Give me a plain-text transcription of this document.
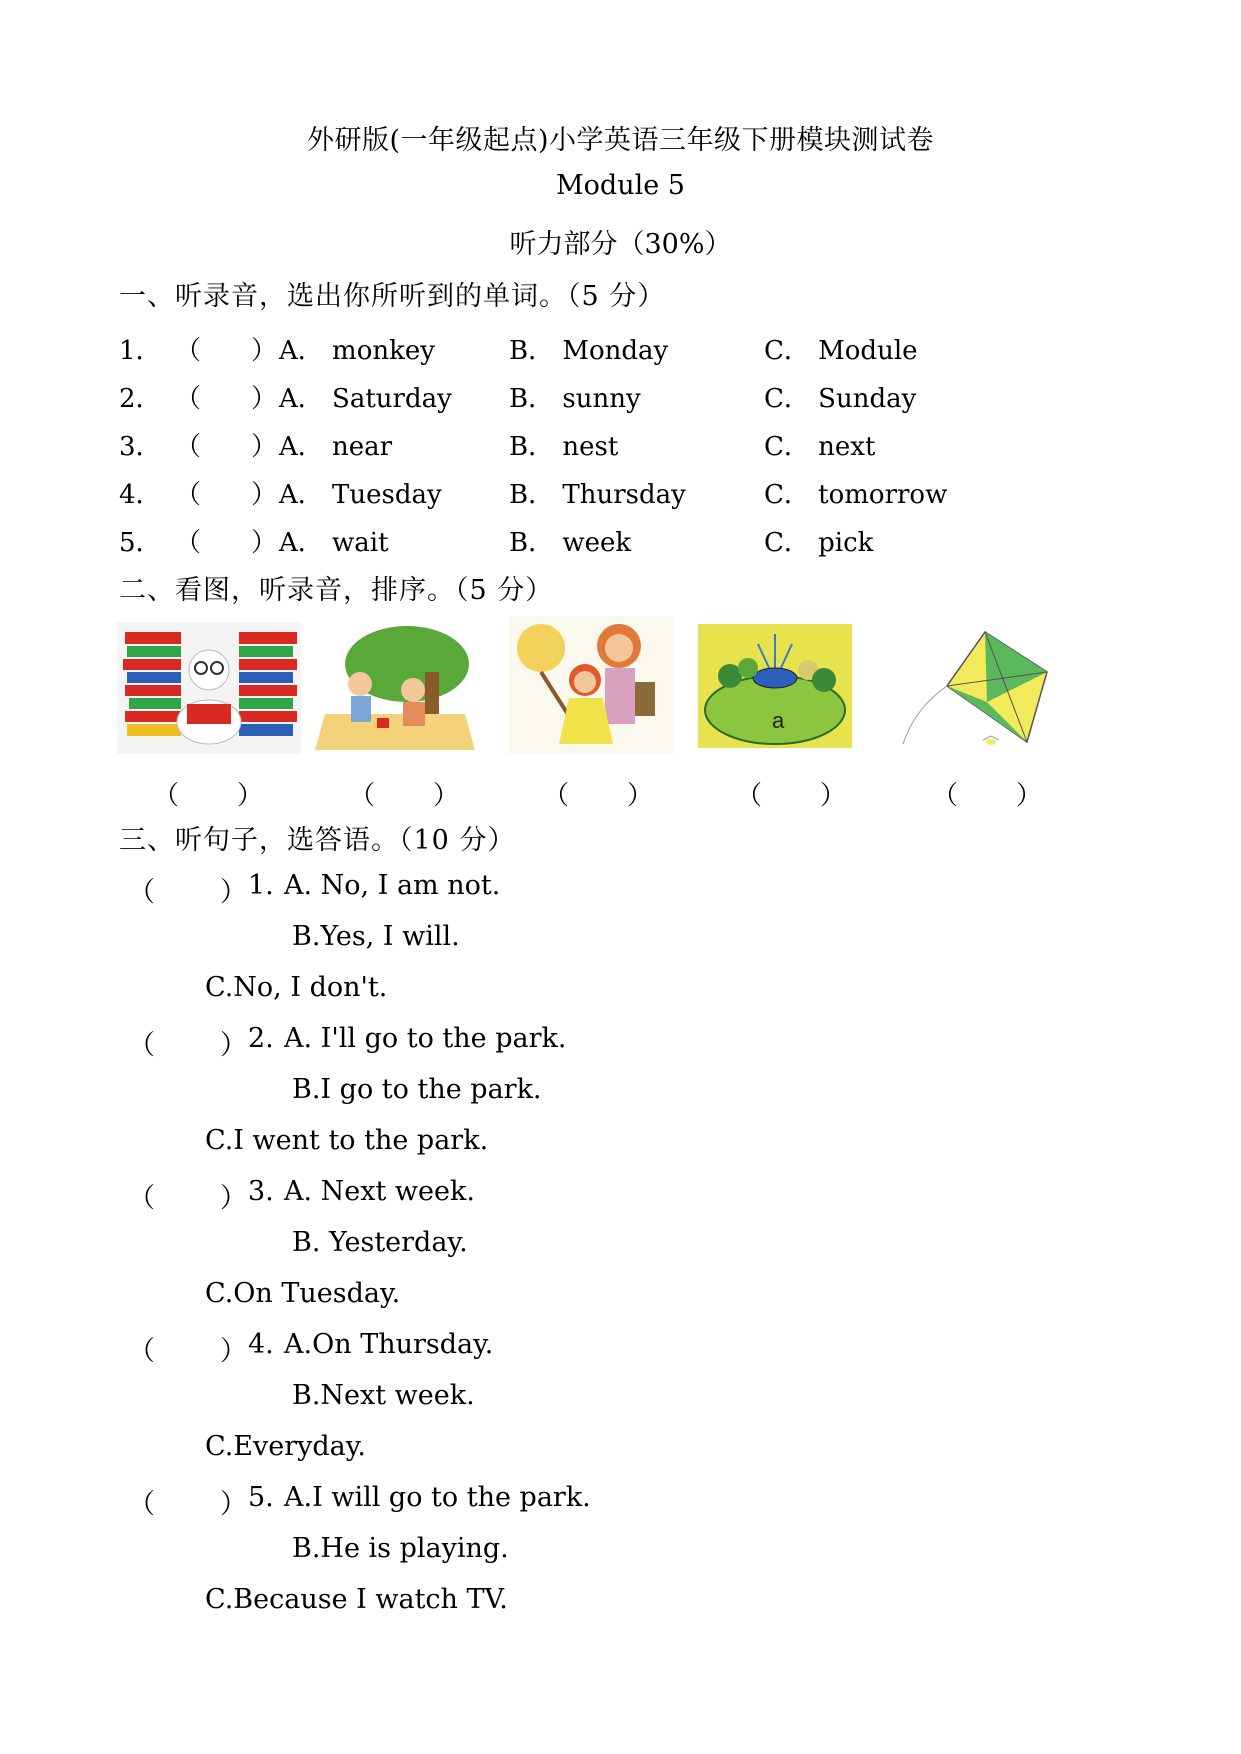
外研版(一年级起点)小学英语三年级下册模块测试卷
Module 5
听力部分（30%）
一、听录音，选出你所听到的单词。（5 分）
1． （ ） A． monkey	B． Monday	C． Module
2． （ ） A． Saturday B． sunny	C． Sunday
3． （ ） A． near	B． nest	C． next
4． （ ） A． Tuesday	B． Thursday	C． tomorrow
5． （ ） A． wait	B． week	C． pick
二、看图，听录音，排序。（5 分）
a
（ ）	（ ）	（ ）	（ ）	（ ）
三、听句子，选答语。（10 分）
（ ） 1. A. No, I am not.
B.Yes, I will.
C.No, I don't.
（ ） 2. A. I'll go to the park.
B.I go to the park.
C.I went to the park.
（ ） 3. A. Next week.
B. Yesterday.
C.On Tuesday.
（ ） 4. A.On Thursday.
B.Next week.
C.Everyday.
（ ） 5. A.I will go to the park.
B.He is playing.
C.Because I watch TV.
